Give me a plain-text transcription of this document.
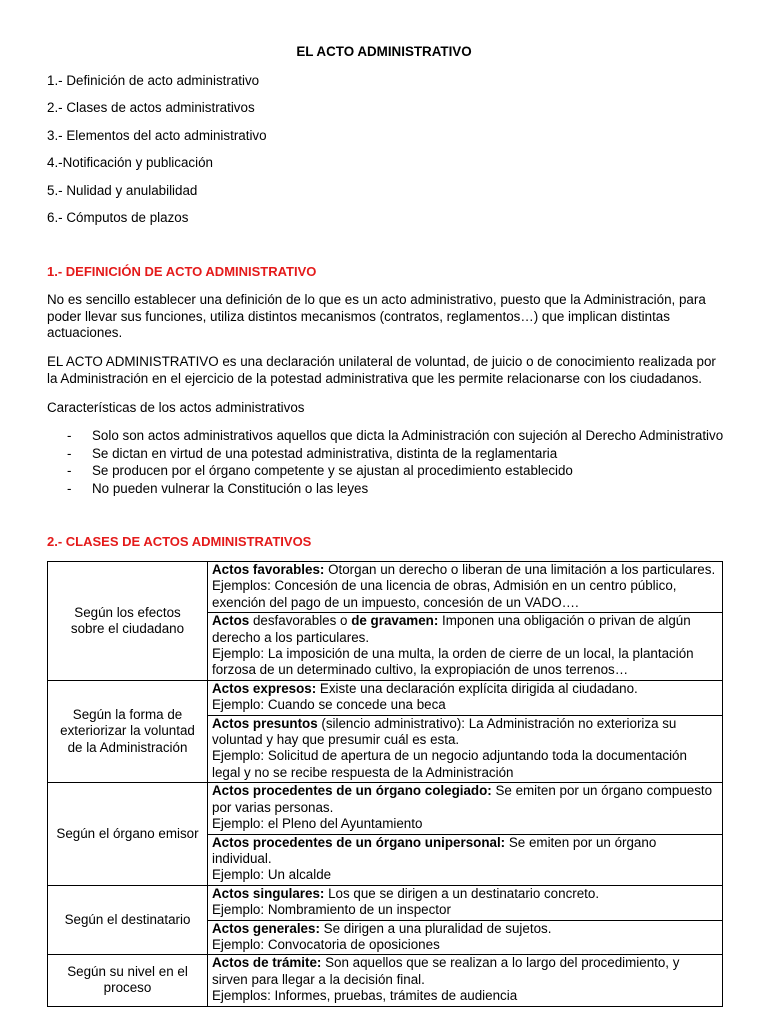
EL ACTO ADMINISTRATIVO
1.- Definición de acto administrativo
2.- Clases de actos administrativos
3.- Elementos del acto administrativo
4.-Notificación y publicación
5.- Nulidad y anulabilidad
6.- Cómputos de plazos
1.- DEFINICIÓN DE ACTO ADMINISTRATIVO

No es sencillo establecer una definición de lo que es un acto administrativo, puesto que la Administración, para poder llevar sus funciones, utiliza distintos mecanismos (contratos, reglamentos…) que implican distintas actuaciones.

EL ACTO ADMINISTRATIVO es una declaración unilateral de voluntad, de juicio o de conocimiento realizada por la Administración en el ejercicio de la potestad administrativa que les permite relacionarse con los ciudadanos.

Características de los actos administrativos

- Solo son actos administrativos aquellos que dicta la Administración con sujeción al Derecho Administrativo
- Se dictan en virtud de una potestad administrativa, distinta de la reglamentaria
- Se producen por el órgano competente y se ajustan al procedimiento establecido
- No pueden vulnerar la Constitución o las leyes
2.- CLASES DE ACTOS ADMINISTRATIVOS
Según los efectos sobre el ciudadano	Actos favorables: Otorgan un derecho o liberan de una limitación a los particulares.
Ejemplos: Concesión de una licencia de obras, Admisión en un centro público, exención del pago de un impuesto, concesión de un VADO….
	Actos desfavorables o de gravamen: Imponen una obligación o privan de algún derecho a los particulares.
Ejemplo: La imposición de una multa, la orden de cierre de un local, la plantación forzosa de un determinado cultivo, la expropiación de unos terrenos…
Según la forma de exteriorizar la voluntad de la Administración	Actos expresos: Existe una declaración explícita dirigida al ciudadano.
Ejemplo: Cuando se concede una beca
	Actos presuntos (silencio administrativo): La Administración no exterioriza su voluntad y hay que presumir cuál es esta.
Ejemplo: Solicitud de apertura de un negocio adjuntando toda la documentación legal y no se recibe respuesta de la Administración
Según el órgano emisor	Actos procedentes de un órgano colegiado: Se emiten por un órgano compuesto por varias personas.
Ejemplo: el Pleno del Ayuntamiento
	Actos procedentes de un órgano unipersonal: Se emiten por un órgano individual.
Ejemplo: Un alcalde
Según el destinatario	Actos singulares: Los que se dirigen a un destinatario concreto.
Ejemplo: Nombramiento de un inspector
	Actos generales: Se dirigen a una pluralidad de sujetos.
Ejemplo: Convocatoria de oposiciones
Según su nivel en el proceso	Actos de trámite: Son aquellos que se realizan a lo largo del procedimiento, y sirven para llegar a la decisión final.
Ejemplos: Informes, pruebas, trámites de audiencia
